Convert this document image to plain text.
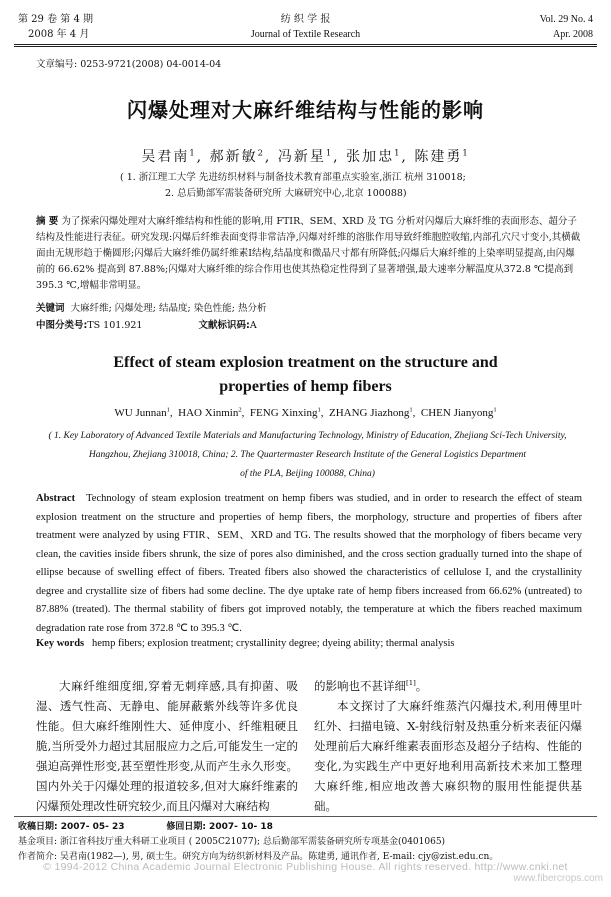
第 29 卷 第 4 期
2008 年 4 月
纺 织 学 报
Journal of Textile Research
Vol. 29 No. 4
Apr. 2008
文章编号: 0253-9721(2008) 04-0014-04
闪爆处理对大麻纤维结构与性能的影响
吴君南$^1$, 郝新敏$^2$, 冯新星$^1$, 张加忠$^1$, 陈建勇$^1$
( 1. 浙江理工大学 先进纺织材料与制备技术教育部重点实验室,浙江 杭州 310018;
2. 总后勤部军需装备研究所 大麻研究中心,北京 100088)
摘 要 为了探索闪爆处理对大麻纤维结构和性能的影响,用 FTIR、SEM、XRD 及 TG 分析对闪爆后大麻纤维的表面形态、超分子结构及性能进行表征。研究发现:闪爆后纤维表面变得非常洁净,闪爆对纤维的溶胀作用导致纤维胞腔收缩,内部孔穴尺寸变小,其横截面由无规形趋于椭圆形;闪爆后大麻纤维仍属纤维素Ⅰ结构,结晶度和微晶尺寸都有所降低;闪爆后大麻纤维的上染率明显提高,由闪爆前的 66.62% 提高到 87.88%;闪爆对大麻纤维的综合作用也使其热稳定性得到了显著增强,最大速率分解温度从372.8 ℃提高到395.3 ℃,增幅非常明显。
关键词 大麻纤维; 闪爆处理; 结晶度; 染色性能; 热分析
中图分类号:TS 101.921	文献标识码:A
Effect of steam explosion treatment on the structure and
properties of hemp fibers
WU Junnan$^1$,  HAO Xinmin$^2$,  FENG Xinxing$^1$,  ZHANG Jiazhong$^1$,  CHEN Jianyong$^1$
( 1. Key Laboratory of Advanced Textile Materials and Manufacturing Technology, Ministry of Education, Zhejiang Sci-Tech University,
Hangzhou, Zhejiang 310018, China; 2. The Quartermaster Research Institute of the General Logistics Department
of the PLA, Beijing 100088, China)
Abstract Technology of steam explosion treatment on hemp fibers was studied, and in order to research the effect of steam explosion treatment on the structure and properties of hemp fibers, the morphology, structure and properties of fibers after treatment were analyzed by using FTIR、SEM、XRD and TG. The results showed that the morphology of fibers became very clean, the cavities inside fibers shrunk, the size of pores also diminished, and the cross section gradually turned into the shape of ellipse because of swelling effect of fibers. Treated fibers also showed the characteristics of cellulose I, and the crystallinity degree and crystallite size of fibers had some decline. The dye uptake rate of hemp fibers increased from 66.62% (untreated) to 87.88% (treated). The thermal stability of fibers got improved notably, the temperature at which the fibers reached maximum degradation rate rose from 372.8 ℃ to 395.3 ℃.
Key words hemp fibers; explosion treatment; crystallinity degree; dyeing ability; thermal analysis
大麻纤维细度细,穿着无刺痒感,具有抑菌、吸湿、透气性高、无静电、能屏蔽紫外线等许多优良性能。但大麻纤维刚性大、延伸度小、纤维粗硬且脆,当所受外力超过其屈服应力之后,可能发生一定的强迫高弹性形变,甚至塑性形变,从而产生永久形变。国内外关于闪爆处理的报道较多,但对大麻纤维素的闪爆预处理改性研究较少,而且闪爆对大麻结构
的影响也不甚详细[1]。
本文探讨了大麻纤维蒸汽闪爆技术,利用傅里叶红外、扫描电镜、X-射线衍射及热重分析来表征闪爆处理前后大麻纤维素表面形态及超分子结构、性能的变化,为实践生产中更好地利用高新技术来加工整理大麻纤维,相应地改善大麻织物的服用性能提供基础。
收稿日期: 2007- 05- 23	修回日期: 2007- 10- 18
基金项目: 浙江省科技厅重大科研工业项目 ( 2005C21077); 总后勤部军需装备研究所专项基金(0401065)
作者简介: 吴君南(1982—), 男, 硕士生。研究方向为纺织新材料及产品。陈建勇, 通讯作者, E-mail: cjy@zist.edu.cn。
© 1994-2012 China Academic Journal Electronic Publishing House. All rights reserved. http://www.cnki.net
www.fibercrops.com
